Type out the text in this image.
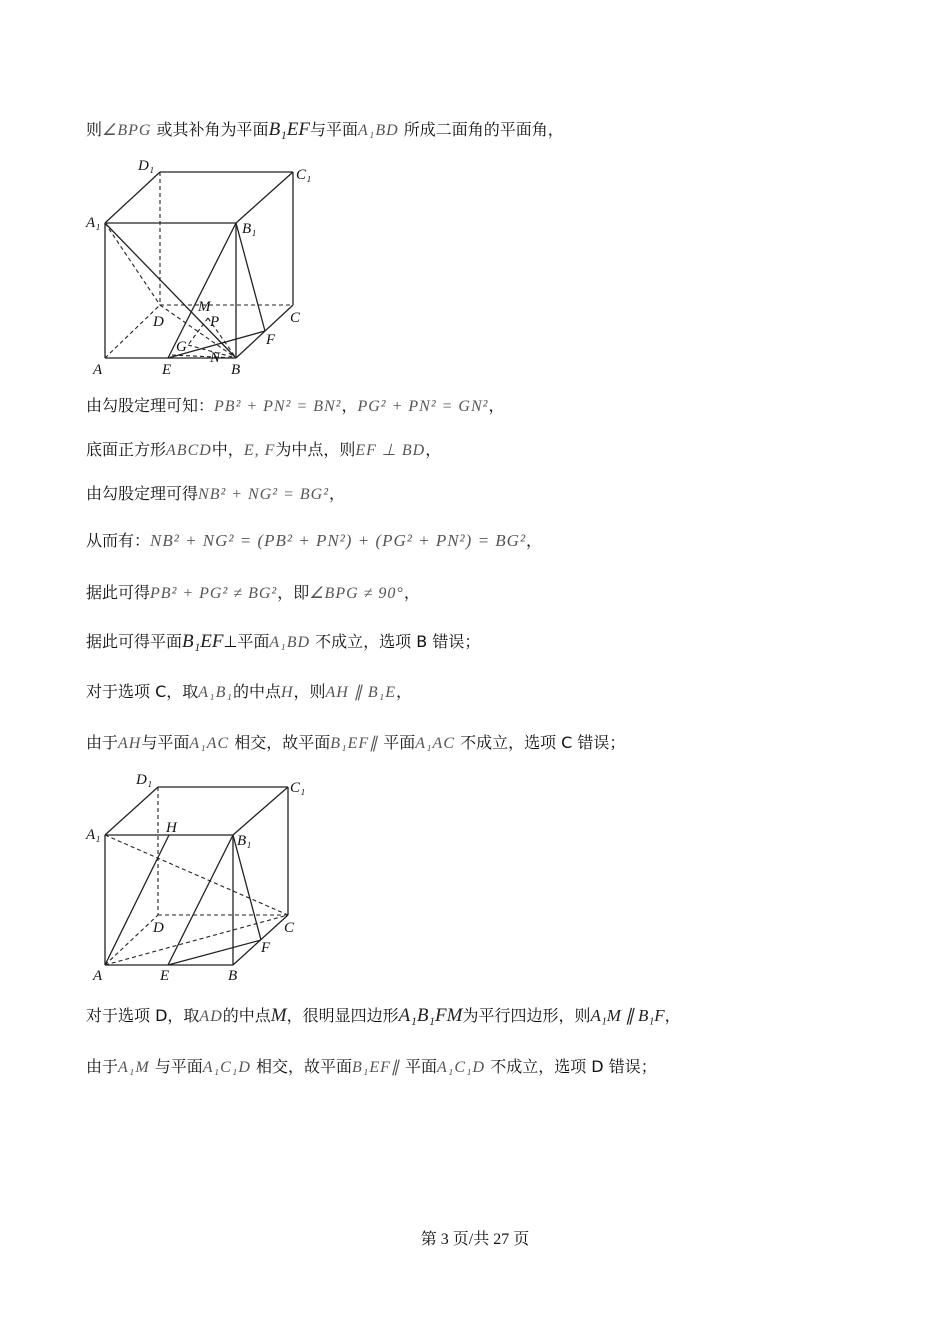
则∠BPG 或其补角为平面B₁EF与平面A₁BD 所成二面角的平面角，
D₁
C₁
A₁	B₁
M
P
D	C
F
G
N
A	E	B
由勾股定理可知：PB² + PN² = BN²，PG² + PN² = GN²，
底面正方形ABCD中，E, F为中点，则EF ⊥ BD，
由勾股定理可得NB² + NG² = BG²，
从而有：NB² + NG² = (PB² + PN²) + (PG² + PN²) = BG²，
据此可得PB² + PG² ≠ BG²，即∠BPG ≠ 90°，
据此可得平面B₁EF⊥平面A₁BD 不成立，选项 B 错误；
对于选项 C，取A₁B₁的中点H，则AH ∥ B₁E，
由于AH与平面A₁AC 相交，故平面B₁EF∥ 平面A₁AC 不成立，选项 C 错误；
D₁	C₁
A₁	H
B₁
D	C
F
A	E	B
对于选项 D，取AD的中点M，很明显四边形A₁B₁FM为平行四边形，则A₁M ∥ B₁F，
由于A₁M 与平面A₁C₁D 相交，故平面B₁EF∥ 平面A₁C₁D 不成立，选项 D 错误；
第 3 页/共 27 页
